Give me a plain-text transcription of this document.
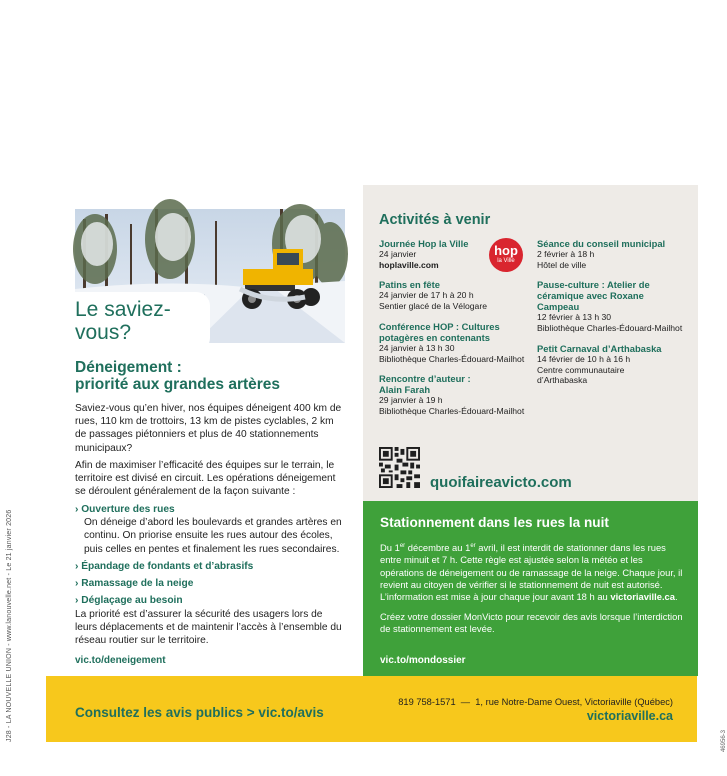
J28 - LA NOUVELLE UNION - www.lanouvelle.net - Le 21 janvier 2026	46956-3
Le saviez-
vous?
Déneigement :
priorité aux grandes artères

Saviez-vous qu’en hiver, nos équipes déneigent 400 km de rues, 110 km de trottoirs, 13 km de pistes cyclables, 2 km de passages piétonniers et plus de 40 stationnements municipaux?

Afin de maximiser l’efficacité des équipes sur le terrain, le territoire est divisé en circuit. Les opérations déneigement se déroulent généralement de la façon suivante :

› Ouverture des rues
On déneige d’abord les boulevards et grandes artères en continu. On priorise ensuite les rues autour des écoles, puis celles en pentes et finalement les rues secondaires.
› Épandage de fondants et d’abrasifs
› Ramassage de la neige
› Déglaçage au besoin

La priorité est d’assurer la sécurité des usagers lors de leurs déplacements et de maintenir l’accès à l’ensemble du réseau routier sur le territoire.

vic.to/deneigement
Activités à venir
hop
la Ville
Journée Hop la Ville
24 janvier
hoplaville.com
Patins en fête
24 janvier de 17 h à 20 h
Sentier glacé de la Vélogare
Conférence HOP : Cultures potagères en contenants
24 janvier à 13 h 30
Bibliothèque Charles-Édouard-Mailhot
Rencontre d’auteur : Alain Farah
29 janvier à 19 h
Bibliothèque Charles-Édouard-Mailhot
Séance du conseil municipal
2 février à 18 h
Hôtel de ville
Pause-culture : Atelier de céramique avec Roxane Campeau
12 février à 13 h 30
Bibliothèque Charles-Édouard-Mailhot
Petit Carnaval d’Arthabaska
14 février de 10 h à 16 h
Centre communautaire d’Arthabaska
quoifaireavicto.com
Stationnement dans les rues la nuit

Du 1er décembre au 1er avril, il est interdit de stationner dans les rues entre minuit et 7 h. Cette règle est ajustée selon la météo et les opérations de déneigement ou de ramassage de la neige. Chaque jour, il revient au citoyen de vérifier si le stationnement de nuit est autorisé. L’information est mise à jour chaque jour avant 18 h au victoriaville.ca.

Créez votre dossier MonVicto pour recevoir des avis lorsque l’interdiction de stationnement est levée.

vic.to/mondossier
Consultez les avis publics > vic.to/avis
819 758-1571  —  1, rue Notre-Dame Ouest, Victoriaville (Québec)
victoriaville.ca
